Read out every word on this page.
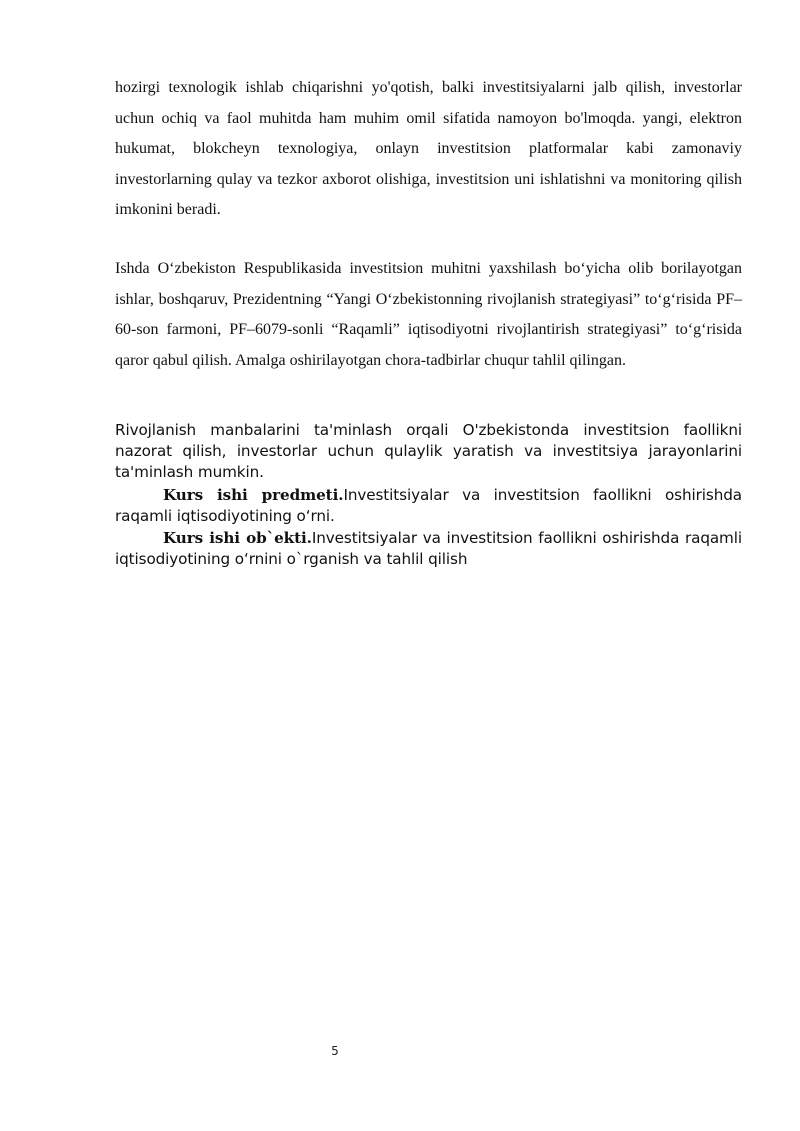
hozirgi texnologik ishlab chiqarishni yo'qotish, balki investitsiyalarni jalb qilish, investorlar uchun ochiq va faol muhitda ham muhim omil sifatida namoyon bo'lmoqda. yangi, elektron hukumat, blokcheyn texnologiya, onlayn investitsion platformalar kabi zamonaviy investorlarning qulay va tezkor axborot olishiga, investitsion uni ishlatishni va monitoring qilish imkonini beradi.

Ishda O‘zbekiston Respublikasida investitsion muhitni yaxshilash bo‘yicha olib borilayotgan ishlar, boshqaruv, Prezidentning “Yangi O‘zbekistonning rivojlanish strategiyasi” to‘g‘risida PF–60-son farmoni, PF–6079-sonli “Raqamli” iqtisodiyotni rivojlantirish strategiyasi” to‘g‘risida qaror qabul qilish. Amalga oshirilayotgan chora-tadbirlar chuqur tahlil qilingan.

Rivojlanish manbalarini ta'minlash orqali O'zbekistonda investitsion faollikni nazorat qilish, investorlar uchun qulaylik yaratish va investitsiya jarayonlarini ta'minlash mumkin.

Kurs ishi predmeti.Investitsiyalar va investitsion faollikni oshirishda raqamli iqtisodiyotining o‘rni.

Kurs ishi ob`ekti.Investitsiyalar va investitsion faollikni oshirishda raqamli iqtisodiyotining o‘rnini o`rganish va tahlil qilish

5
